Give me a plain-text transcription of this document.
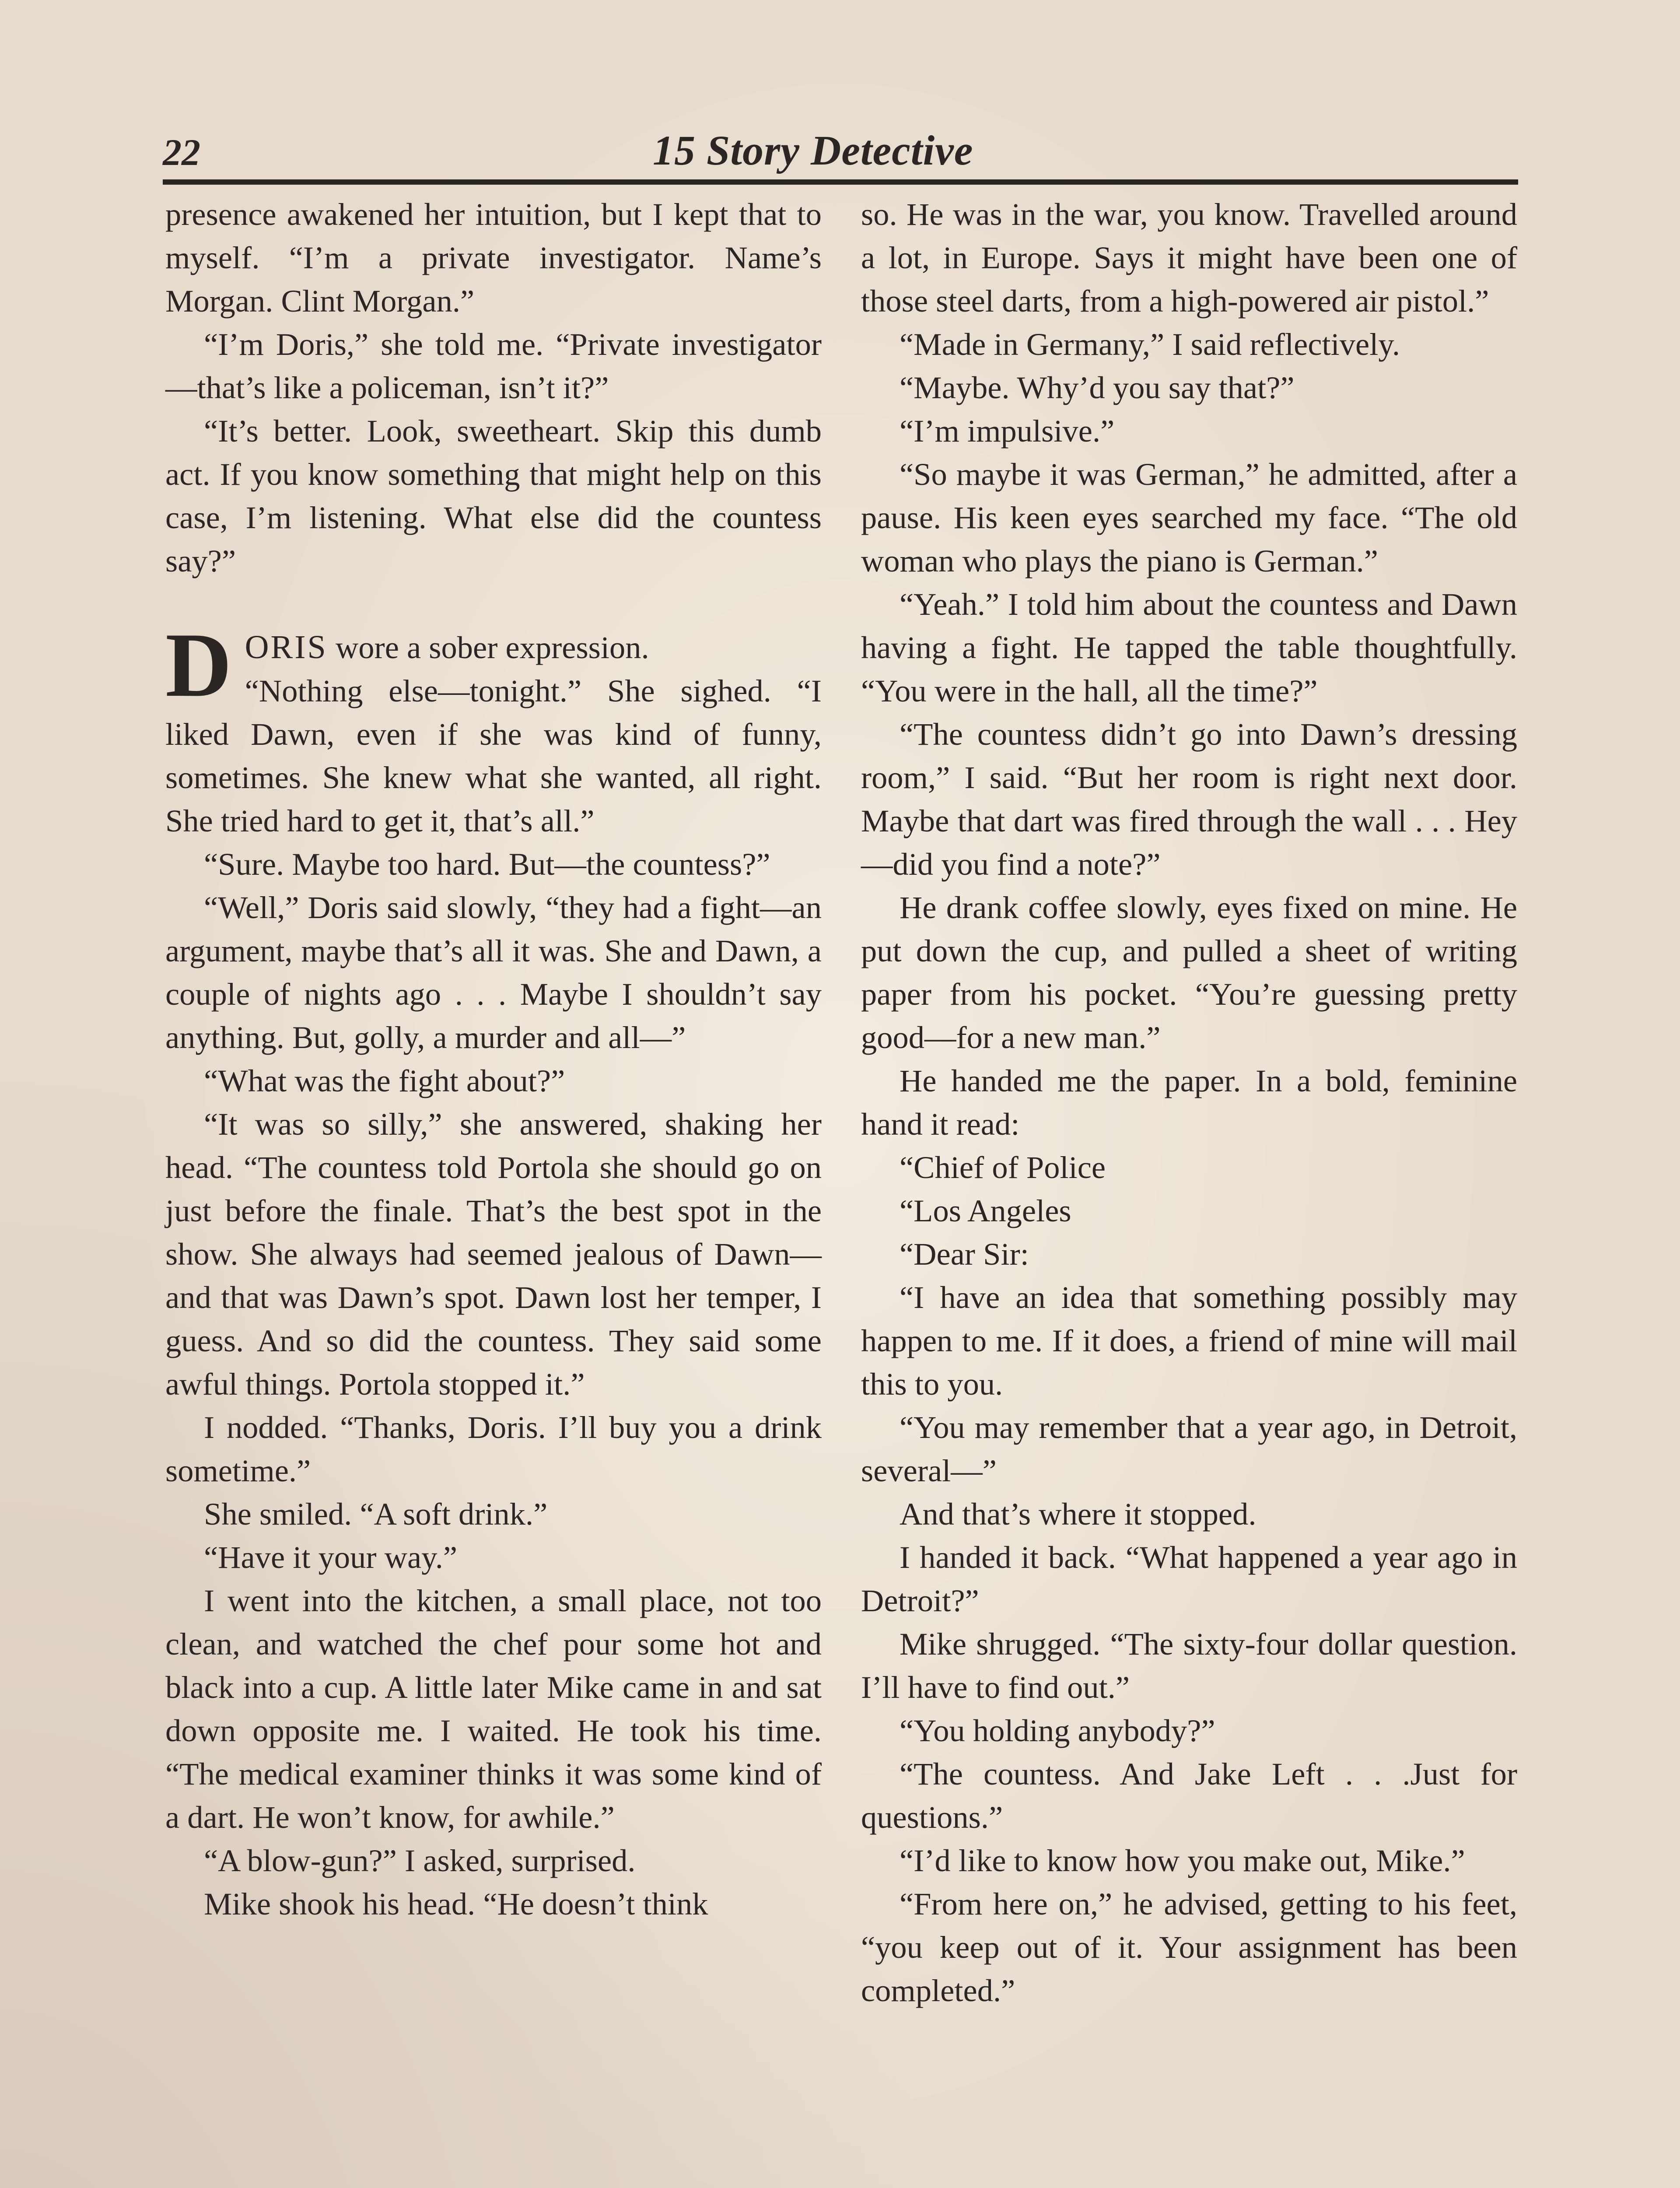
22	15 Story Detective

presence awakened her intuition, but I kept that to myself. “I’m a private investigator. Name’s Morgan. Clint Morgan.”

“I’m Doris,” she told me. “Private investigator—that’s like a policeman, isn’t it?”

“It’s better. Look, sweetheart. Skip this dumb act. If you know something that might help on this case, I’m listening. What else did the countess say?”

DORIS wore a sober expression.
“Nothing else—tonight.” She sighed. “I liked Dawn, even if she was kind of funny, sometimes. She knew what she wanted, all right. She tried hard to get it, that’s all.”

“Sure. Maybe too hard. But—the countess?”

“Well,” Doris said slowly, “they had a fight—an argument, maybe that’s all it was. She and Dawn, a couple of nights ago . . . Maybe I shouldn’t say anything. But, golly, a murder and all—”

“What was the fight about?”

“It was so silly,” she answered, shaking her head. “The countess told Portola she should go on just before the finale. That’s the best spot in the show. She always had seemed jealous of Dawn—and that was Dawn’s spot. Dawn lost her temper, I guess. And so did the countess. They said some awful things. Portola stopped it.”

I nodded. “Thanks, Doris. I’ll buy you a drink sometime.”

She smiled. “A soft drink.”

“Have it your way.”

I went into the kitchen, a small place, not too clean, and watched the chef pour some hot and black into a cup. A little later Mike came in and sat down opposite me. I waited. He took his time. “The medical examiner thinks it was some kind of a dart. He won’t know, for awhile.”

“A blow-gun?” I asked, surprised.

Mike shook his head. “He doesn’t think

so. He was in the war, you know. Travelled around a lot, in Europe. Says it might have been one of those steel darts, from a high-powered air pistol.”

“Made in Germany,” I said reflectively.

“Maybe. Why’d you say that?”

“I’m impulsive.”

“So maybe it was German,” he admitted, after a pause. His keen eyes searched my face. “The old woman who plays the piano is German.”

“Yeah.” I told him about the countess and Dawn having a fight. He tapped the table thoughtfully. “You were in the hall, all the time?”

“The countess didn’t go into Dawn’s dressing room,” I said. “But her room is right next door. Maybe that dart was fired through the wall . . . Hey—did you find a note?”

He drank coffee slowly, eyes fixed on mine. He put down the cup, and pulled a sheet of writing paper from his pocket. “You’re guessing pretty good—for a new man.”

He handed me the paper. In a bold, feminine hand it read:

“Chief of Police

“Los Angeles

“Dear Sir:

“I have an idea that something possibly may happen to me. If it does, a friend of mine will mail this to you.

“You may remember that a year ago, in Detroit, several—”

And that’s where it stopped.

I handed it back. “What happened a year ago in Detroit?”

Mike shrugged. “The sixty-four dollar question. I’ll have to find out.”

“You holding anybody?”

“The countess. And Jake Left . . .Just for questions.”

“I’d like to know how you make out, Mike.”

“From here on,” he advised, getting to his feet, “you keep out of it. Your assignment has been completed.”
